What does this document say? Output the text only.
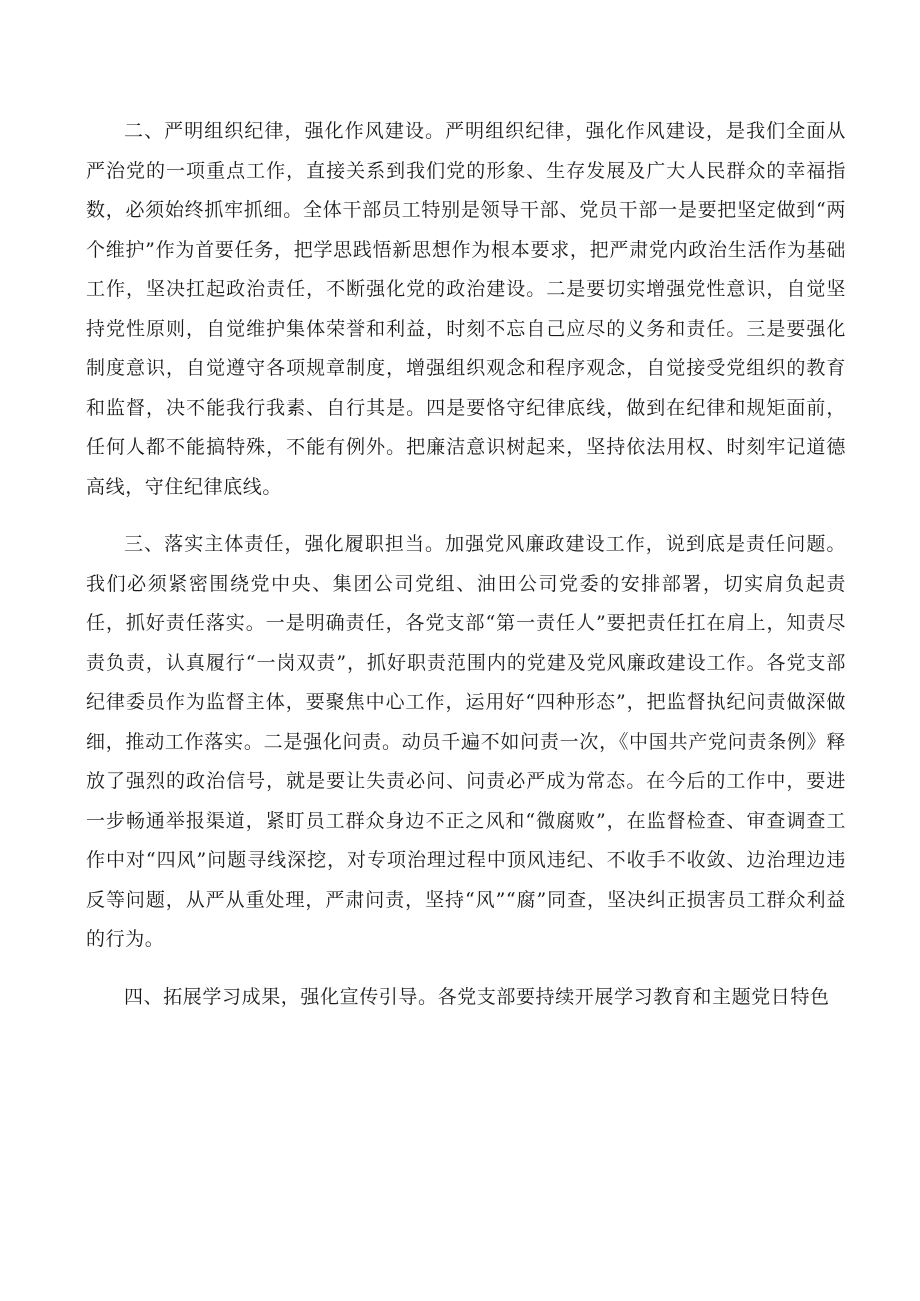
二、严明组织纪律，强化作风建设。严明组织纪律，强化作风建设，是我们全面从严治党的一项重点工作，直接关系到我们党的形象、生存发展及广大人民群众的幸福指数，必须始终抓牢抓细。全体干部员工特别是领导干部、党员干部一是要把坚定做到“两个维护”作为首要任务，把学思践悟新思想作为根本要求，把严肃党内政治生活作为基础工作，坚决扛起政治责任，不断强化党的政治建设。二是要切实增强党性意识，自觉坚持党性原则，自觉维护集体荣誉和利益，时刻不忘自己应尽的义务和责任。三是要强化制度意识，自觉遵守各项规章制度，增强组织观念和程序观念，自觉接受党组织的教育和监督，决不能我行我素、自行其是。四是要恪守纪律底线，做到在纪律和规矩面前，任何人都不能搞特殊，不能有例外。把廉洁意识树起来，坚持依法用权、时刻牢记道德高线，守住纪律底线。

三、落实主体责任，强化履职担当。加强党风廉政建设工作，说到底是责任问题。我们必须紧密围绕党中央、集团公司党组、油田公司党委的安排部署，切实肩负起责任，抓好责任落实。一是明确责任，各党支部“第一责任人”要把责任扛在肩上，知责尽责负责，认真履行“一岗双责”，抓好职责范围内的党建及党风廉政建设工作。各党支部纪律委员作为监督主体，要聚焦中心工作，运用好“四种形态”，把监督执纪问责做深做细，推动工作落实。二是强化问责。动员千遍不如问责一次，《中国共产党问责条例》释放了强烈的政治信号，就是要让失责必问、问责必严成为常态。在今后的工作中，要进一步畅通举报渠道，紧盯员工群众身边不正之风和“微腐败”，在监督检查、审查调查工作中对“四风”问题寻线深挖，对专项治理过程中顶风违纪、不收手不收敛、边治理边违反等问题，从严从重处理，严肃问责，坚持“风”“腐”同查，坚决纠正损害员工群众利益的行为。

四、拓展学习成果，强化宣传引导。各党支部要持续开展学习教育和主题党日特色
